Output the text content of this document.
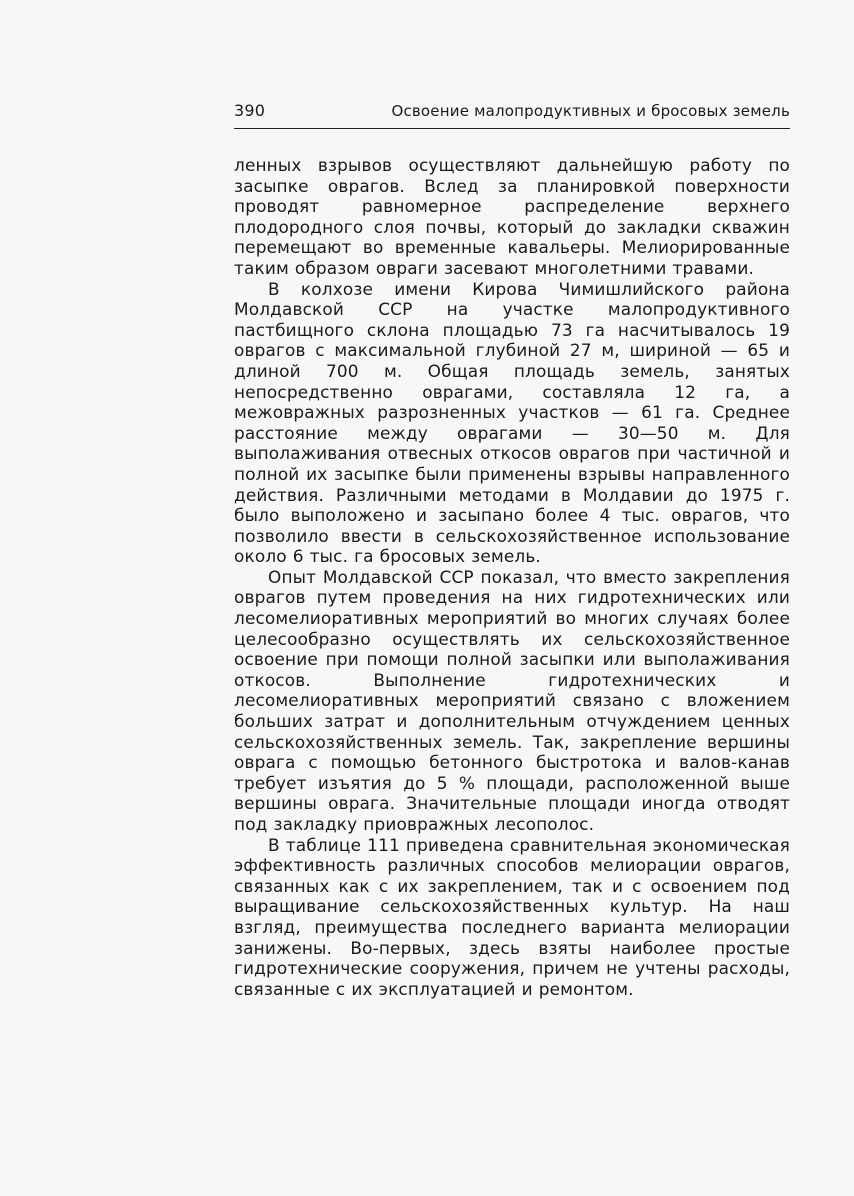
390	Освоение малопродуктивных и бросовых земель

ленных взрывов осуществляют дальнейшую работу по засыпке оврагов. Вслед за планировкой поверхности проводят равномерное распределение верхнего плодородного слоя почвы, который до закладки скважин перемещают во временные кавальеры. Мелиорированные таким образом овраги засевают многолетними травами.

В колхозе имени Кирова Чимишлийского района Молдавской ССР на участке малопродуктивного пастбищного склона площадью 73 га насчитывалось 19 оврагов с максимальной глубиной 27 м, шириной — 65 и длиной 700 м. Общая площадь земель, занятых непосредственно оврагами, составляла 12 га, а межовражных разрозненных участков — 61 га. Среднее расстояние между оврагами — 30—50 м. Для выполаживания отвесных откосов оврагов при частичной и полной их засыпке были применены взрывы направленного действия. Различными методами в Молдавии до 1975 г. было выположено и засыпано более 4 тыс. оврагов, что позволило ввести в сельскохозяйственное использование около 6 тыс. га бросовых земель.

Опыт Молдавской ССР показал, что вместо закрепления оврагов путем проведения на них гидротехнических или лесомелиоративных мероприятий во многих случаях более целесообразно осуществлять их сельскохозяйственное освоение при помощи полной засыпки или выполаживания откосов. Выполнение гидротехнических и лесомелиоративных мероприятий связано с вложением больших затрат и дополнительным отчуждением ценных сельскохозяйственных земель. Так, закрепление вершины оврага с помощью бетонного быстротока и валов-канав требует изъятия до 5 % площади, расположенной выше вершины оврага. Значительные площади иногда отводят под закладку приовражных лесополос.

В таблице 111 приведена сравнительная экономическая эффективность различных способов мелиорации оврагов, связанных как с их закреплением, так и с освоением под выращивание сельскохозяйственных культур. На наш взгляд, преимущества последнего варианта мелиорации занижены. Во-первых, здесь взяты наиболее простые гидротехнические сооружения, причем не учтены расходы, связанные с их эксплуатацией и ремонтом.
